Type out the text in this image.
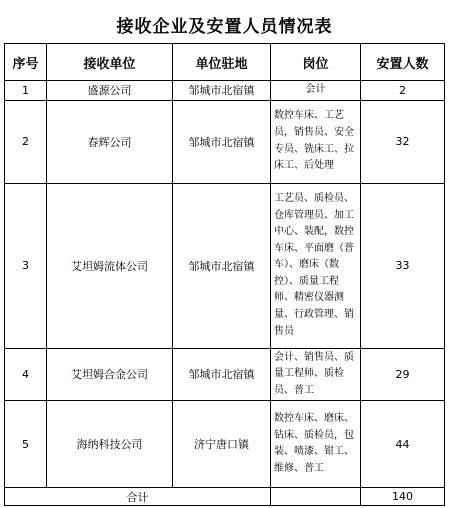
接收企业及安置人员情况表
序号	接收单位	单位驻地	岗位	安置人数
1	盛源公司	邹城市北宿镇	会计	2
2	春辉公司	邹城市北宿镇	数控车床、工艺员，销售员、安全专员、铣床工、拉床工、后处理	32
3	艾坦姆流体公司	邹城市北宿镇	工艺员、质检员、仓库管理员、加工中心、装配，数控车床、平面磨（普车）、磨床（数控）、质量工程师、精密仪器测量、行政管理、销售员	33
4	艾坦姆合金公司	邹城市北宿镇	会计、销售员、质量工程师、质检员、普工	29
5	海纳科技公司	济宁唐口镇	数控车床、磨床、钻床、质检员，包装、喷漆、钳工、维修、普工	44
合计				140
